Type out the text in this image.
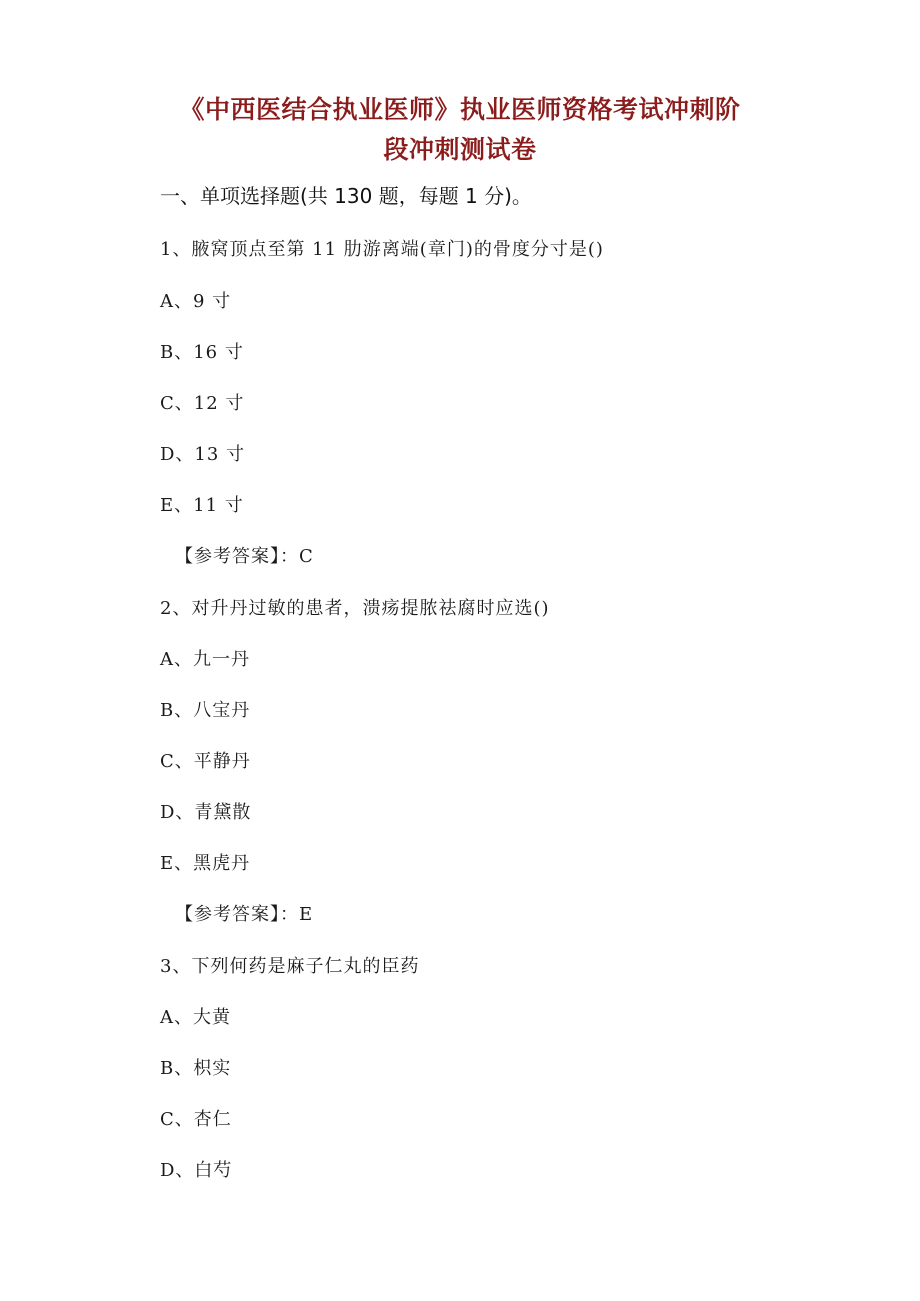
《中西医结合执业医师》执业医师资格考试冲刺阶
段冲刺测试卷
一、单项选择题(共 130 题，每题 1 分)。
1、腋窝顶点至第 11 肋游离端(章门)的骨度分寸是()
A、9 寸
B、16 寸
C、12 寸
D、13 寸
E、11 寸
【参考答案】：C
2、对升丹过敏的患者，溃疡提脓祛腐时应选()
A、九一丹
B、八宝丹
C、平静丹
D、青黛散
E、黑虎丹
【参考答案】：E
3、下列何药是麻子仁丸的臣药
A、大黄
B、枳实
C、杏仁
D、白芍
